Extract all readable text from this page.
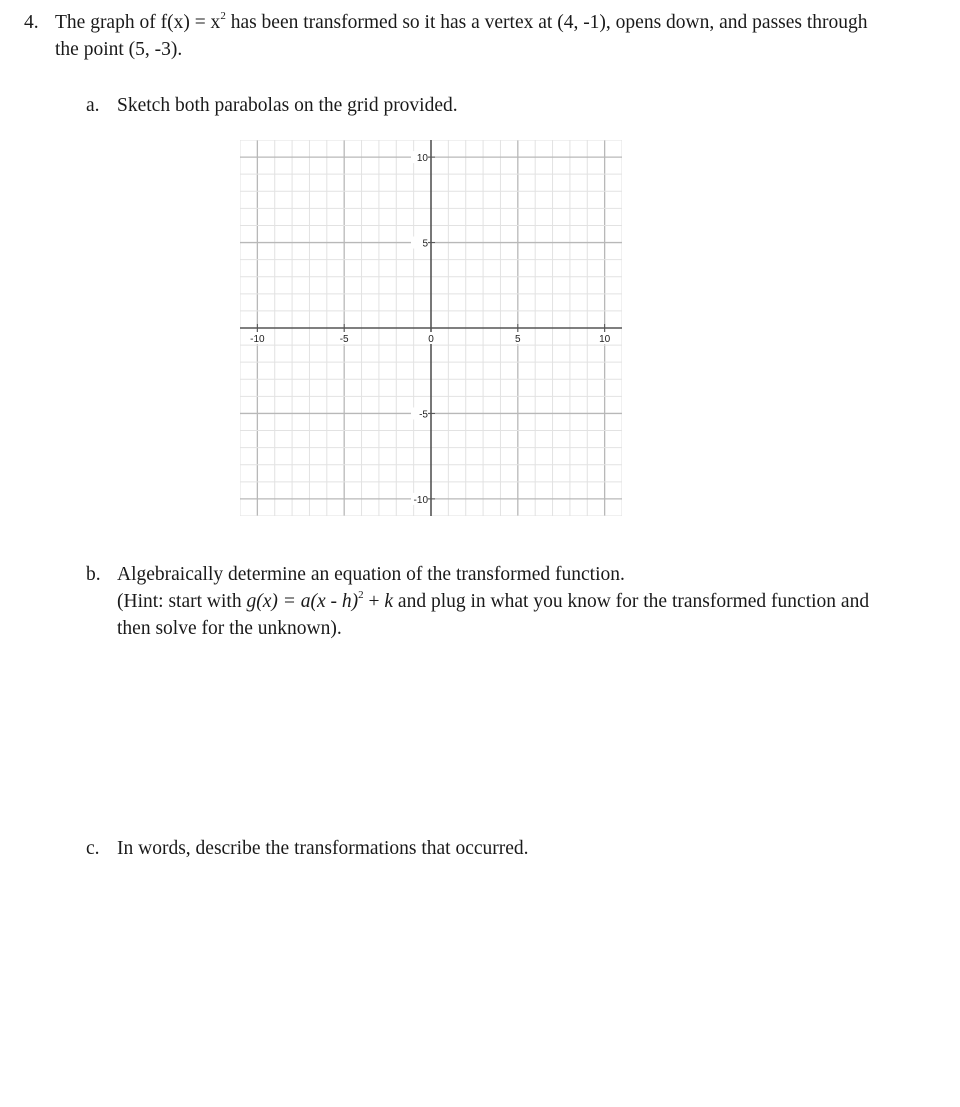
4. The graph of $f(x) = x^2$ has been transformed so it has a vertex at (4, -1), opens down, and passes through
the point (5, -3).
a. Sketch both parabolas on the grid provided.
-10	-5	0	5	10
10
5
-5
-10
b. Algebraically determine an equation of the transformed function.
(Hint: start with g(x) = a(x - h)$^2$ + k and plug in what you know for the transformed function and
then solve for the unknown).
c. In words, describe the transformations that occurred.
